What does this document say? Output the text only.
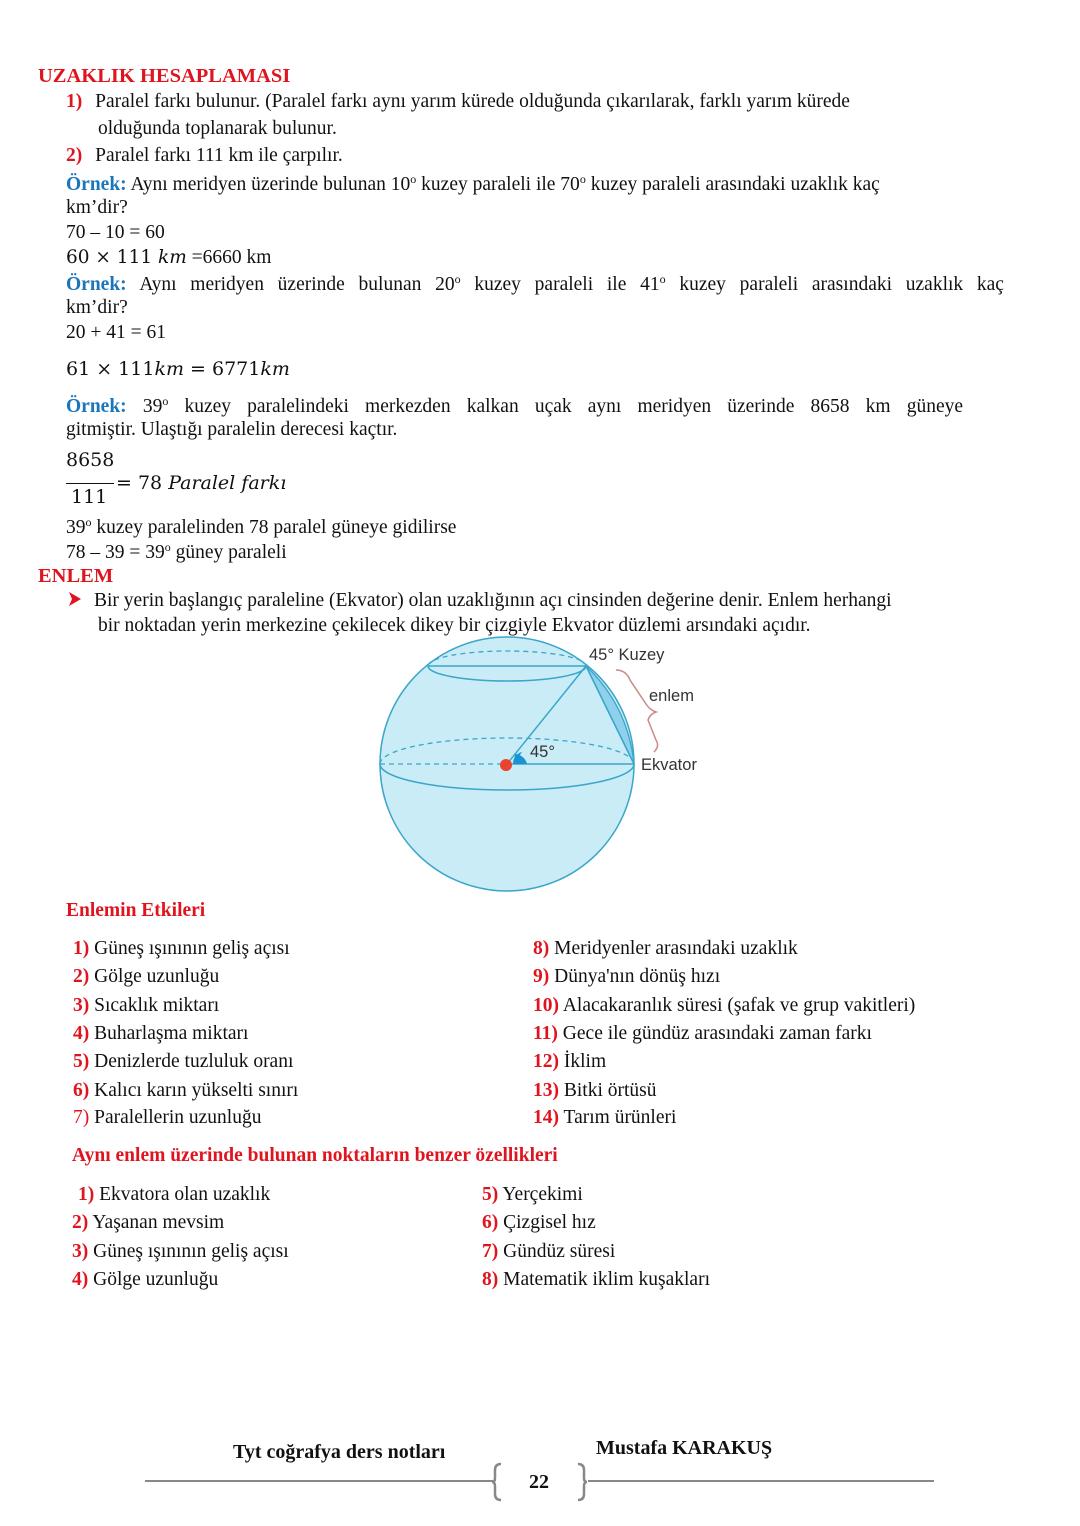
UZAKLIK HESAPLAMASI
1) Paralel farkı bulunur. (Paralel farkı aynı yarım kürede olduğunda çıkarılarak, farklı yarım kürede
olduğunda toplanarak bulunur.
2) Paralel farkı 111 km ile çarpılır.
Örnek: Aynı meridyen üzerinde bulunan 10$^o$ kuzey paraleli ile 70$^o$ kuzey paraleli arasındaki uzaklık kaç
km’dir?
70 – 10 = 60
60 × 111 km =6660 km
Örnek: Aynı meridyen üzerinde bulunan 20$^o$ kuzey paraleli ile 41$^o$ kuzey paraleli arasındaki uzaklık kaç
km’dir?
20 + 41 = 61
61 × 111km = 6771km
Örnek: 39$^o$ kuzey paralelindeki merkezden kalkan uçak aynı meridyen üzerinde 8658 km güneye
gitmiştir. Ulaştığı paralelin derecesi kaçtır.
8658
111
= 78 Paralel farkı
39$^o$ kuzey paralelinden 78 paralel güneye gidilirse
$78 - 39 = 39^o$ güney paraleli
ENLEM
Bir yerin başlangıç paraleline (Ekvator) olan uzaklığının açı cinsinden değerine denir. Enlem herhangi
bir noktadan yerin merkezine çekilecek dikey bir çizgiyle Ekvator düzlemi arsındaki açıdır.
45° Kuzey
enlem
45°
Ekvator
Enlemin Etkileri
1) Güneş ışınının geliş açısı
2) Gölge uzunluğu
3) Sıcaklık miktarı
4) Buharlaşma miktarı
5) Denizlerde tuzluluk oranı
6) Kalıcı karın yükselti sınırı
7) Paralellerin uzunluğu
8) Meridyenler arasındaki uzaklık
9) Dünya'nın dönüş hızı
10) Alacakaranlık süresi (şafak ve grup vakitleri)
11) Gece ile gündüz arasındaki zaman farkı
12) İklim
13) Bitki örtüsü
14) Tarım ürünleri
Aynı enlem üzerinde bulunan noktaların benzer özellikleri
1) Ekvatora olan uzaklık
2) Yaşanan mevsim
3) Güneş ışınının geliş açısı
4) Gölge uzunluğu
5) Yerçekimi
6) Çizgisel hız
7) Gündüz süresi
8) Matematik iklim kuşakları
Tyt coğrafya ders notları	Mustafa KARAKUŞ
22
